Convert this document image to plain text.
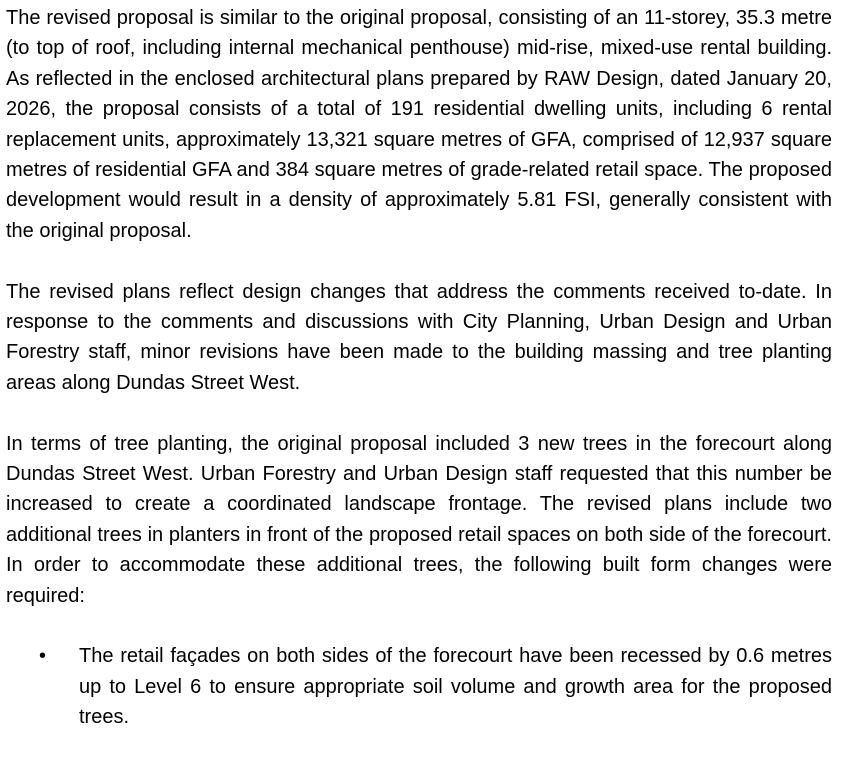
The revised proposal is similar to the original proposal, consisting of an 11-storey, 35.3 metre (to top of roof, including internal mechanical penthouse) mid-rise, mixed-use rental building. As reflected in the enclosed architectural plans prepared by RAW Design, dated January 20, 2026, the proposal consists of a total of 191 residential dwelling units, including 6 rental replacement units, approximately 13,321 square metres of GFA, comprised of 12,937 square metres of residential GFA and 384 square metres of grade-related retail space. The proposed development would result in a density of approximately 5.81 FSI, generally consistent with the original proposal.

The revised plans reflect design changes that address the comments received to-date. In response to the comments and discussions with City Planning, Urban Design and Urban Forestry staff, minor revisions have been made to the building massing and tree planting areas along Dundas Street West.

In terms of tree planting, the original proposal included 3 new trees in the forecourt along Dundas Street West. Urban Forestry and Urban Design staff requested that this number be increased to create a coordinated landscape frontage. The revised plans include two additional trees in planters in front of the proposed retail spaces on both side of the forecourt. In order to accommodate these additional trees, the following built form changes were required:

• The retail façades on both sides of the forecourt have been recessed by 0.6 metres up to Level 6 to ensure appropriate soil volume and growth area for the proposed trees.
